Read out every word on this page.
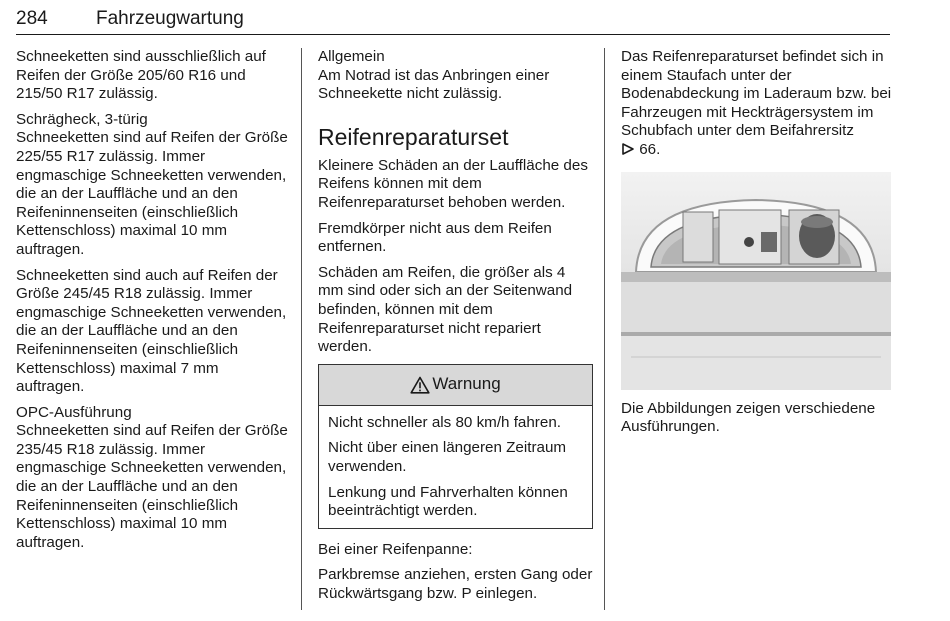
284	Fahrzeugwartung

Schneeketten sind ausschließlich auf Reifen der Größe 205/60 R16 und 215/50 R17 zulässig.

Schrägheck, 3-türig

Schneeketten sind auf Reifen der Größe 225/55 R17 zulässig. Immer engmaschige Schneeketten verwenden, die an der Lauffläche und an den Reifeninnenseiten (einschließlich Kettenschloss) maximal 10 mm auftragen.

Schneeketten sind auch auf Reifen der Größe 245/45 R18 zulässig. Immer engmaschige Schneeketten verwenden, die an der Lauffläche und an den Reifeninnenseiten (einschließlich Kettenschloss) maximal 7 mm auftragen.

OPC-Ausführung

Schneeketten sind auf Reifen der Größe 235/45 R18 zulässig. Immer engmaschige Schneeketten verwenden, die an der Lauffläche und an den Reifeninnenseiten (einschließlich Kettenschloss) maximal 10 mm auftragen.

Allgemein

Am Notrad ist das Anbringen einer Schneekette nicht zulässig.

Reifenreparaturset

Kleinere Schäden an der Lauffläche des Reifens können mit dem Reifenreparaturset behoben werden.

Fremdkörper nicht aus dem Reifen entfernen.

Schäden am Reifen, die größer als 4 mm sind oder sich an der Seitenwand befinden, können mit dem Reifenreparaturset nicht repariert werden.

Warnung

Nicht schneller als 80 km/h fahren.

Nicht über einen längeren Zeitraum verwenden.

Lenkung und Fahrverhalten können beeinträchtigt werden.

Bei einer Reifenpanne:

Parkbremse anziehen, ersten Gang oder Rückwärtsgang bzw. P einlegen.

Das Reifenreparaturset befindet sich in einem Staufach unter der Bodenabdeckung im Laderaum bzw. bei Fahrzeugen mit Heckträgersystem im Schubfach unter dem Beifahrersitz
66.

Die Abbildungen zeigen verschiedene Ausführungen.
